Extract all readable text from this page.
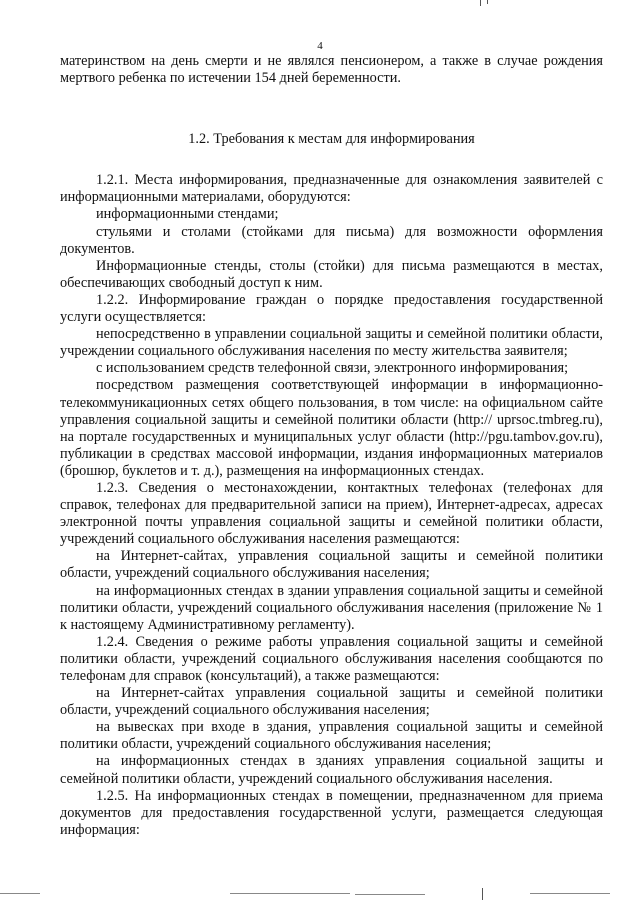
4

материнством на день смерти и не являлся пенсионером, а также в случае рождения мертвого ребенка по истечении 154 дней беременности.

1.2. Требования к местам для информирования

1.2.1. Места информирования, предназначенные для ознакомления заявителей с информационными материалами, оборудуются:

информационными стендами;

стульями и столами (стойками для письма) для возможности оформления документов.

Информационные стенды, столы (стойки) для письма размещаются в местах, обеспечивающих свободный доступ к ним.

1.2.2. Информирование граждан о порядке предоставления государственной услуги осуществляется:

непосредственно в управлении социальной защиты и семейной политики области, учреждении социального обслуживания населения по месту жительства заявителя;

с использованием средств телефонной связи, электронного информирования;

посредством размещения соответствующей информации в информационно-телекоммуникационных сетях общего пользования, в том числе: на официальном сайте управления социальной защиты и семейной политики области (http:// uprsoc.tmbreg.ru), на портале государственных и муниципальных услуг области (http://pgu.tambov.gov.ru), публикации в средствах массовой информации, издания информационных материалов (брошюр, буклетов и т. д.), размещения на информационных стендах.

1.2.3. Сведения о местонахождении, контактных телефонах (телефонах для справок, телефонах для предварительной записи на прием), Интернет-адресах, адресах электронной почты управления социальной защиты и семейной политики области, учреждений социального обслуживания населения размещаются:

на Интернет-сайтах, управления социальной защиты и семейной политики области, учреждений социального обслуживания населения;

на информационных стендах в здании управления социальной защиты и семейной политики области, учреждений социального обслуживания населения (приложение № 1 к настоящему Административному регламенту).

1.2.4. Сведения о режиме работы управления социальной защиты и семейной политики области, учреждений социального обслуживания населения сообщаются по телефонам для справок (консультаций), а также размещаются:

на Интернет-сайтах управления социальной защиты и семейной политики области, учреждений социального обслуживания населения;

на вывесках при входе в здания, управления социальной защиты и семейной политики области, учреждений социального обслуживания населения;

на информационных стендах в зданиях управления социальной защиты и семейной политики области, учреждений социального обслуживания населения.

1.2.5. На информационных стендах в помещении, предназначенном для приема документов для предоставления государственной услуги, размещается следующая информация:
